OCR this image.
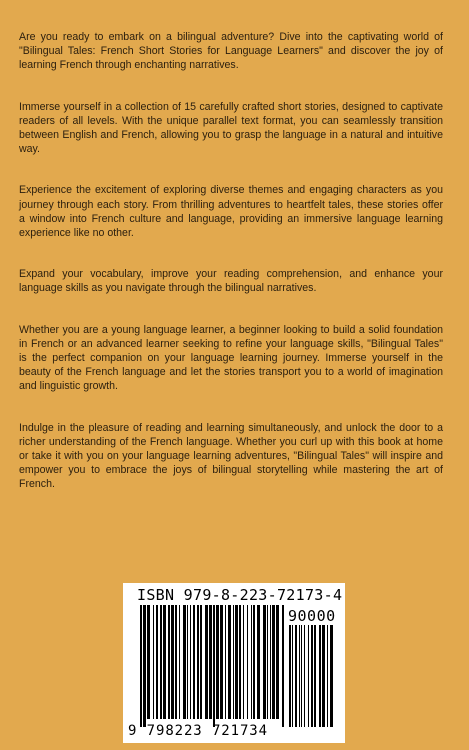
Are you ready to embark on a bilingual adventure? Dive into the captivating world of "Bilingual Tales: French Short Stories for Language Learners" and discover the joy of learning French through enchanting narratives.

Immerse yourself in a collection of 15 carefully crafted short stories, designed to captivate readers of all levels. With the unique parallel text format, you can seamlessly transition between English and French, allowing you to grasp the language in a natural and intuitive way.

Experience the excitement of exploring diverse themes and engaging characters as you journey through each story. From thrilling adventures to heartfelt tales, these stories offer a window into French culture and language, providing an immersive language learning experience like no other.

Expand your vocabulary, improve your reading comprehension, and enhance your language skills as you navigate through the bilingual narratives.

Whether you are a young language learner, a beginner looking to build a solid foundation in French or an advanced learner seeking to refine your language skills, "Bilingual Tales" is the perfect companion on your language learning journey. Immerse yourself in the beauty of the French language and let the stories transport you to a world of imagination and linguistic growth.

Indulge in the pleasure of reading and learning simultaneously, and unlock the door to a richer understanding of the French language. Whether you curl up with this book at home or take it with you on your language learning adventures, "Bilingual Tales" will inspire and empower you to embrace the joys of bilingual storytelling while mastering the art of French.

ISBN 979-8-223-72173-4
90000
9 798223 721734
